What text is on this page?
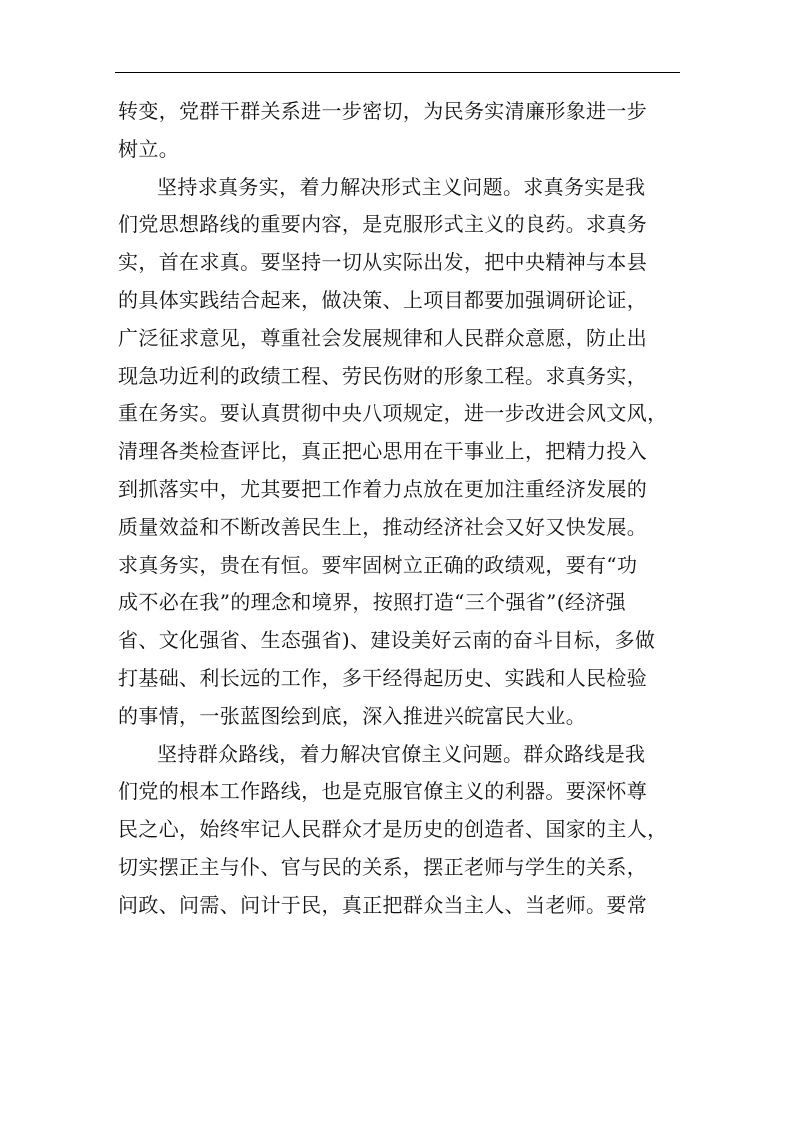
转变，党群干群关系进一步密切，为民务实清廉形象进一步
树立。
坚持求真务实，着力解决形式主义问题。求真务实是我
们党思想路线的重要内容，是克服形式主义的良药。求真务
实，首在求真。要坚持一切从实际出发，把中央精神与本县
的具体实践结合起来，做决策、上项目都要加强调研论证，
广泛征求意见，尊重社会发展规律和人民群众意愿，防止出
现急功近利的政绩工程、劳民伤财的形象工程。求真务实，
重在务实。要认真贯彻中央八项规定，进一步改进会风文风，
清理各类检查评比，真正把心思用在干事业上，把精力投入
到抓落实中，尤其要把工作着力点放在更加注重经济发展的
质量效益和不断改善民生上，推动经济社会又好又快发展。
求真务实，贵在有恒。要牢固树立正确的政绩观，要有“功
成不必在我”的理念和境界，按照打造“三个强省”(经济强
省、文化强省、生态强省)、建设美好云南的奋斗目标，多做
打基础、利长远的工作，多干经得起历史、实践和人民检验
的事情，一张蓝图绘到底，深入推进兴皖富民大业。
坚持群众路线，着力解决官僚主义问题。群众路线是我
们党的根本工作路线，也是克服官僚主义的利器。要深怀尊
民之心，始终牢记人民群众才是历史的创造者、国家的主人，
切实摆正主与仆、官与民的关系，摆正老师与学生的关系，
问政、问需、问计于民，真正把群众当主人、当老师。要常
